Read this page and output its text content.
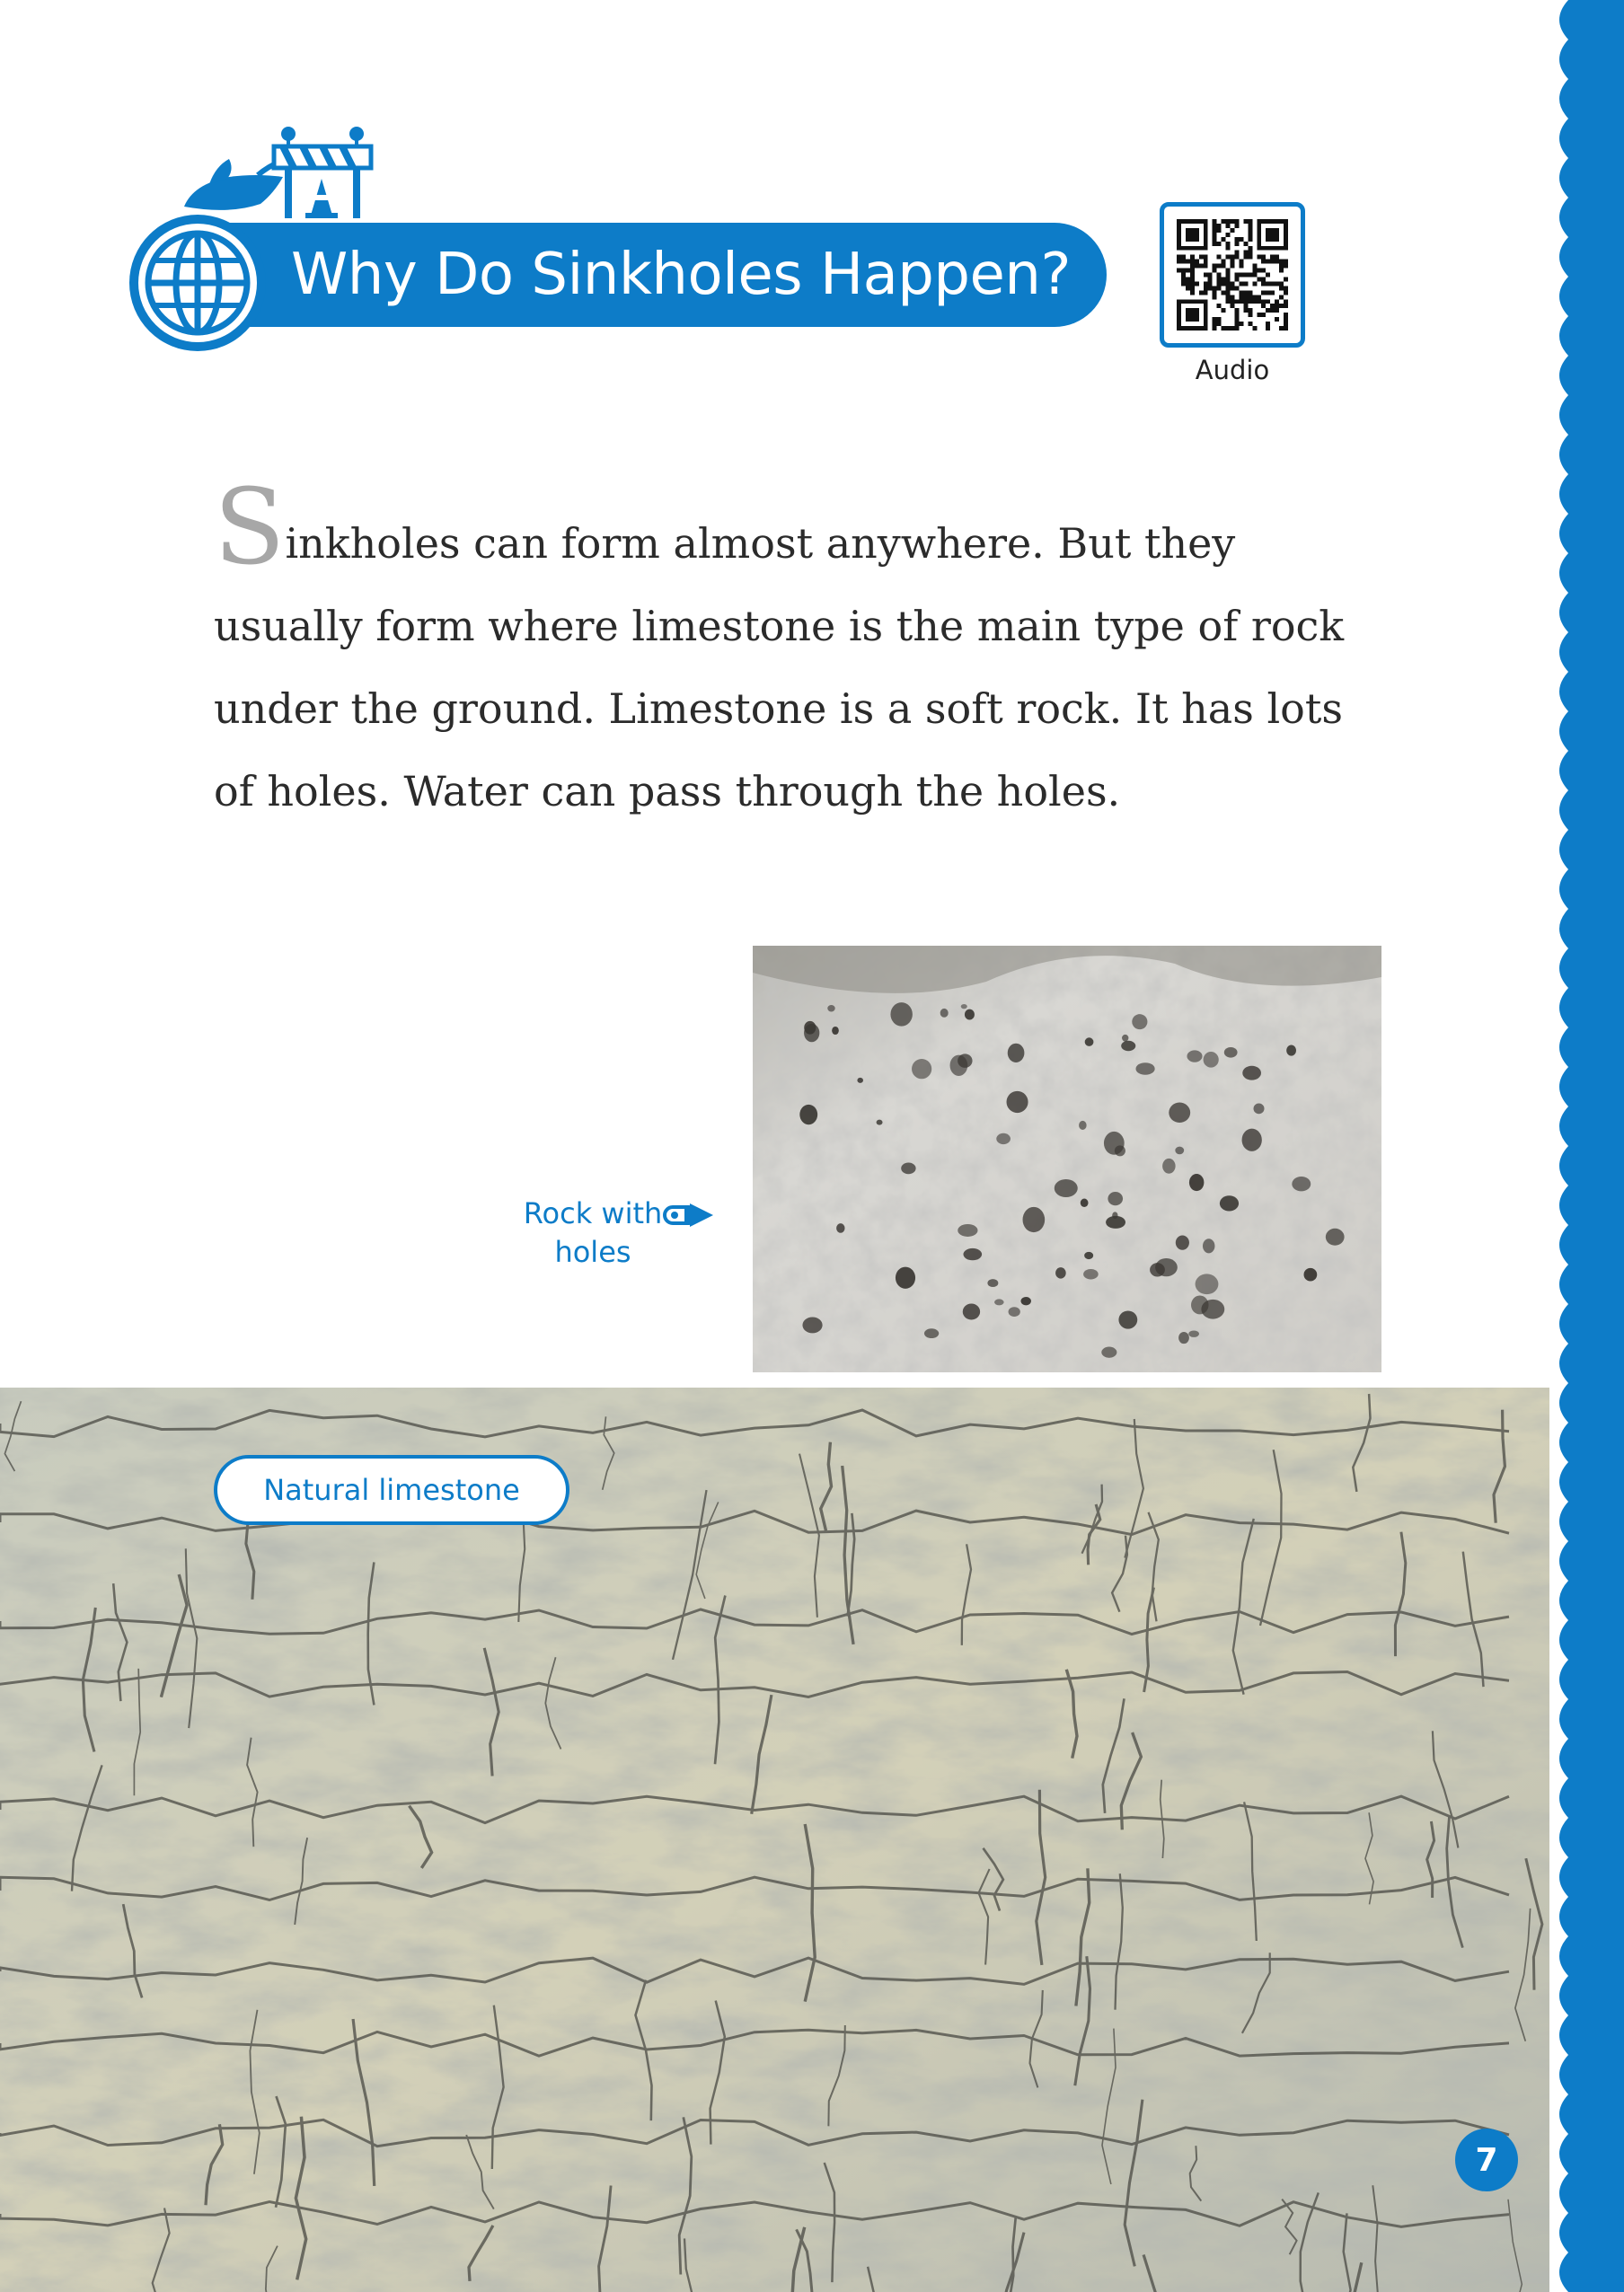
Why Do Sinkholes Happen?
Audio
Sinkholes can form almost anywhere. But they usually form where limestone is the main type of rock under the ground. Limestone is a soft rock. It has lots of holes. Water can pass through the holes.
Rock with holes
Natural limestone
7
